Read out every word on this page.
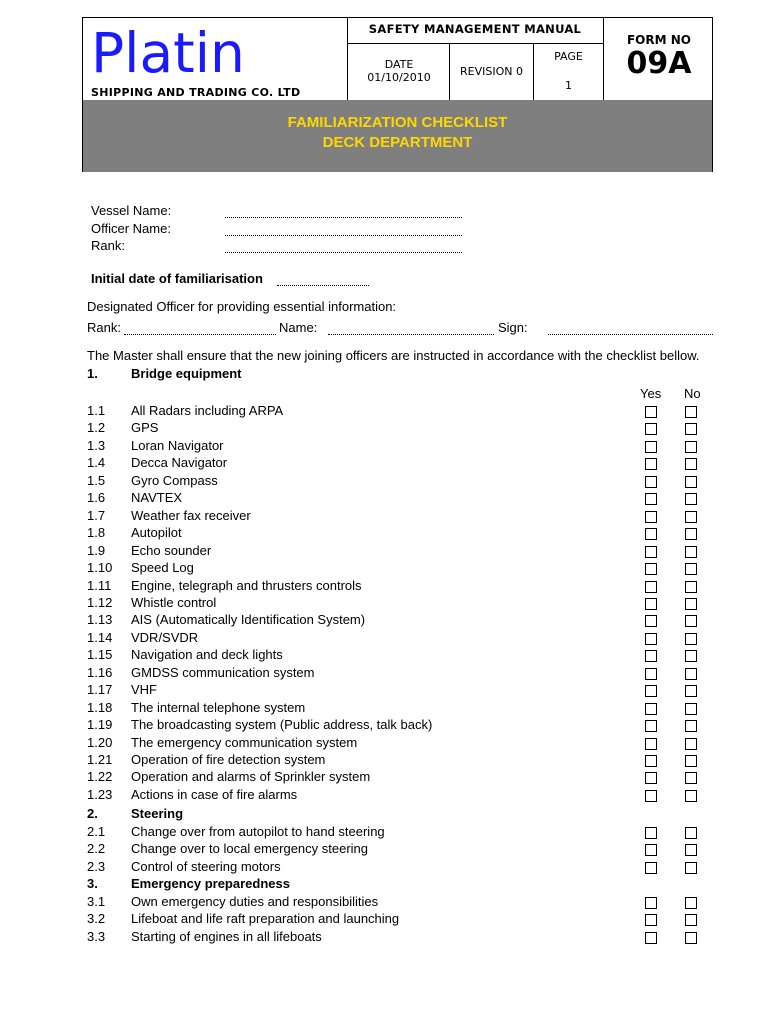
Platin
SHIPPING AND TRADING CO. LTD
SAFETY MANAGEMENT MANUAL
DATE
01/10/2010	REVISION 0
PAGE
1
FORM NO
09A
FAMILIARIZATION CHECKLIST
DECK DEPARTMENT
Vessel Name:
Officer Name:
Rank:
Initial date of familiarisation
Designated Officer for providing essential information:
Rank:	Name:	Sign:
The Master shall ensure that the new joining officers are instructed in accordance with the checklist bellow.
Yes No
1.	Bridge equipment
1.1 All Radars including ARPA
1.2 GPS
1.3 Loran Navigator
1.4 Decca Navigator
1.5 Gyro Compass
1.6 NAVTEX
1.7 Weather fax receiver
1.8 Autopilot
1.9 Echo sounder
1.10 Speed Log
1.11 Engine, telegraph and thrusters controls
1.12 Whistle control
1.13 AIS (Automatically Identification System)
1.14 VDR/SVDR
1.15 Navigation and deck lights
1.16 GMDSS communication system
1.17 VHF
1.18 The internal telephone system
1.19 The broadcasting system (Public address, talk back)
1.20 The emergency communication system
1.21 Operation of fire detection system
1.22 Operation and alarms of Sprinkler system
1.23 Actions in case of fire alarms
2.	Steering
2.1 Change over from autopilot to hand steering
2.2 Change over to local emergency steering
2.3 Control of steering motors
3.	Emergency preparedness
3.1 Own emergency duties and responsibilities
3.2 Lifeboat and life raft preparation and launching
3.3 Starting of engines in all lifeboats
